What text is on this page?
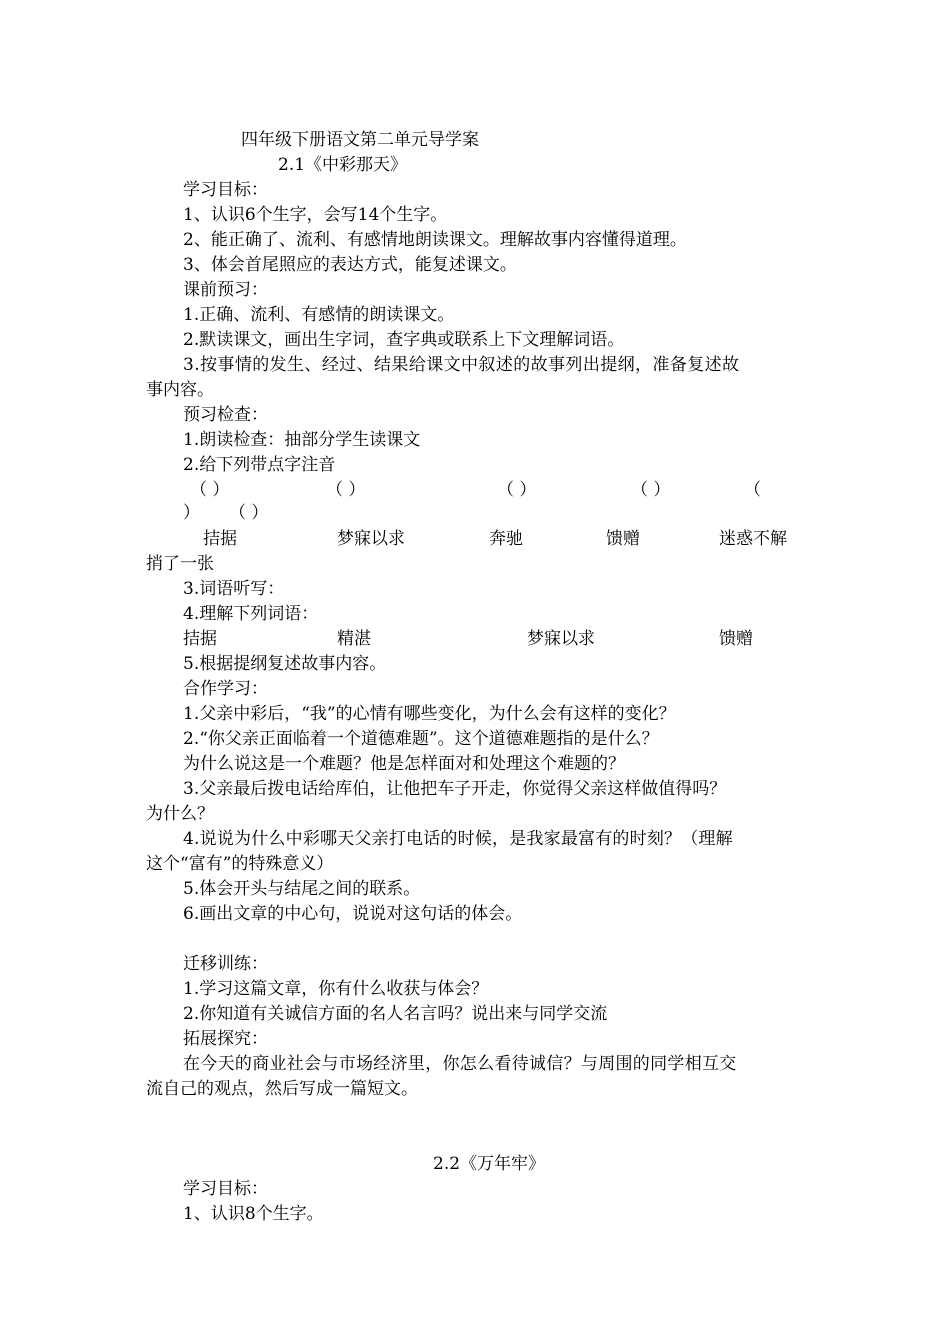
四年级下册语文第二单元导学案
2.1《中彩那天》
学习目标：
1、认识6个生字，会写14个生字。
2、能正确了、流利、有感情地朗读课文。理解故事内容懂得道理。
3、体会首尾照应的表达方式，能复述课文。
课前预习：
1.正确、流利、有感情的朗读课文。
2.默读课文，画出生字词，查字典或联系上下文理解词语。
3.按事情的发生、经过、结果给课文中叙述的故事列出提纲，准备复述故
事内容。
预习检查：
1.朗读检查：抽部分学生读课文
2.给下列带点字注音
（ ）	（ ）	（ ）	（ ）	（
） （ ）
拮据	梦寐以求	奔驰	馈赠	迷惑不解
捎了一张
3.词语听写：
4.理解下列词语：
拮据	精湛	梦寐以求	馈赠
5.根据提纲复述故事内容。
合作学习：
1.父亲中彩后，“我”的心情有哪些变化，为什么会有这样的变化？
2.“你父亲正面临着一个道德难题”。这个道德难题指的是什么？
为什么说这是一个难题？他是怎样面对和处理这个难题的？
3.父亲最后拨电话给库伯，让他把车子开走，你觉得父亲这样做值得吗？
为什么？
4.说说为什么中彩哪天父亲打电话的时候，是我家最富有的时刻？（理解
这个“富有”的特殊意义）
5.体会开头与结尾之间的联系。
6.画出文章的中心句，说说对这句话的体会。
迁移训练：
1.学习这篇文章，你有什么收获与体会？
2.你知道有关诚信方面的名人名言吗？说出来与同学交流
拓展探究：
在今天的商业社会与市场经济里，你怎么看待诚信？与周围的同学相互交
流自己的观点，然后写成一篇短文。
2.2《万年牢》
学习目标：
1、认识8个生字。
